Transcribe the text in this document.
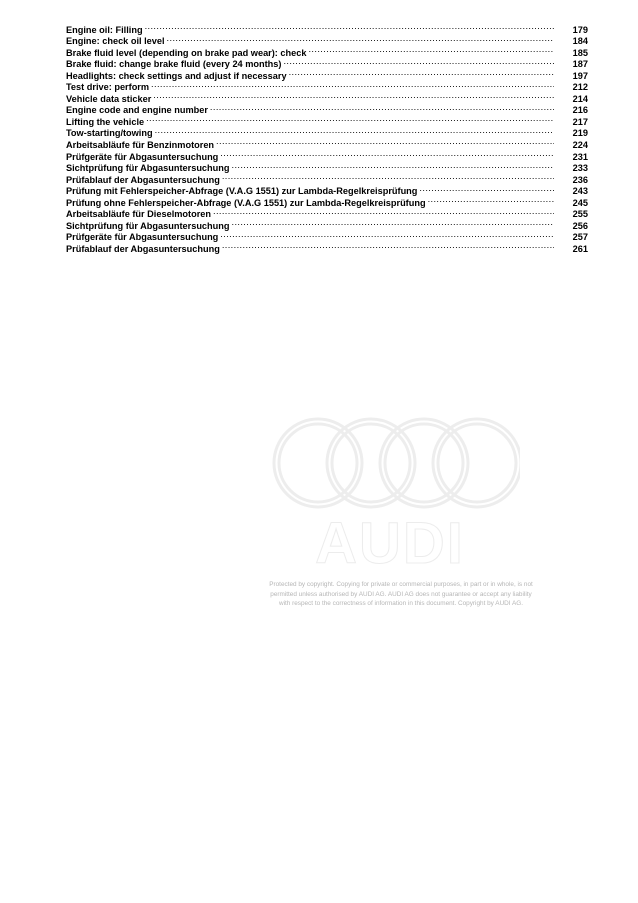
Engine oil: Filling .....	179
Engine: check oil level .....	184
Brake fluid level (depending on brake pad wear): check .....	185
Brake fluid: change brake fluid (every 24 months) .....	187
Headlights: check settings and adjust if necessary .....	197
Test drive: perform .....	212
Vehicle data sticker .....	214
Engine code and engine number .....	216
Lifting the vehicle .....	217
Tow-starting/towing .....	219
Arbeitsabläufe für Benzinmotoren .....	224
Prüfgeräte für Abgasuntersuchung .....	231
Sichtprüfung für Abgasuntersuchung .....	233
Prüfablauf der Abgasuntersuchung .....	236
Prüfung mit Fehlerspeicher-Abfrage (V.A.G 1551) zur Lambda-Regelkreisprüfung .....	243
Prüfung ohne Fehlerspeicher-Abfrage (V.A.G 1551) zur Lambda-Regelkreisprüfung .....	245
Arbeitsabläufe für Dieselmotoren .....	255
Sichtprüfung für Abgasuntersuchung .....	256
Prüfgeräte für Abgasuntersuchung .....	257
Prüfablauf der Abgasuntersuchung .....	261
AUDI
Protected by copyright. Copying for private or commercial purposes, in part or in whole, is not
permitted unless authorised by AUDI AG. AUDI AG does not guarantee or accept any liability
with respect to the correctness of information in this document. Copyright by AUDI AG.
